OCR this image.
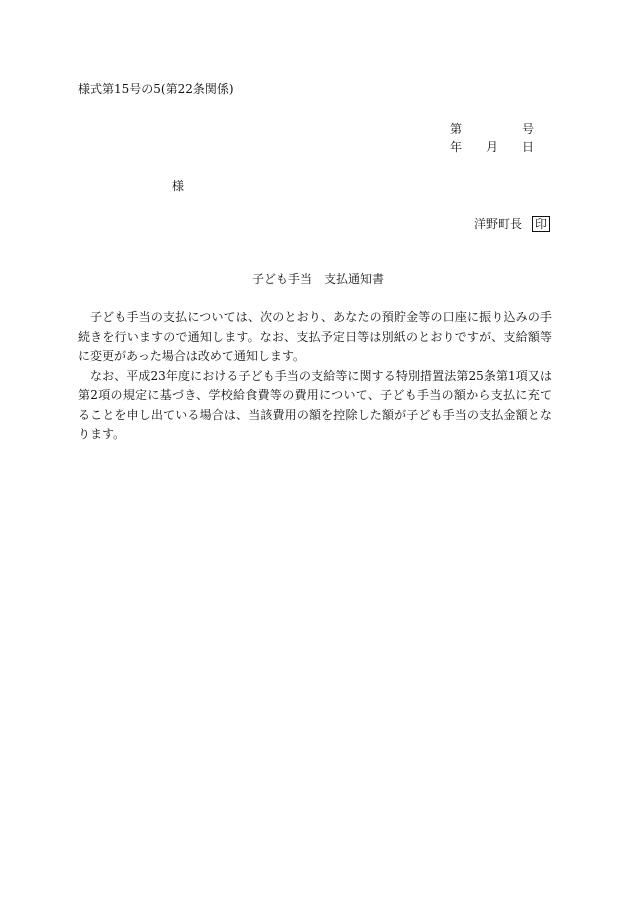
様式第15号の5(第22条関係)
第	号
年 月 日
様
洋野町長 印
子ども手当　支払通知書

子ども手当の支払については、次のとおり、あなたの預貯金等の口座に振り込みの手続きを行いますので通知します。なお、支払予定日等は別紙のとおりですが、支給額等に変更があった場合は改めて通知します。

なお、平成23年度における子ども手当の支給等に関する特別措置法第25条第1項又は第2項の規定に基づき、学校給食費等の費用について、子ども手当の額から支払に充てることを申し出ている場合は、当該費用の額を控除した額が子ども手当の支払金額となります。
